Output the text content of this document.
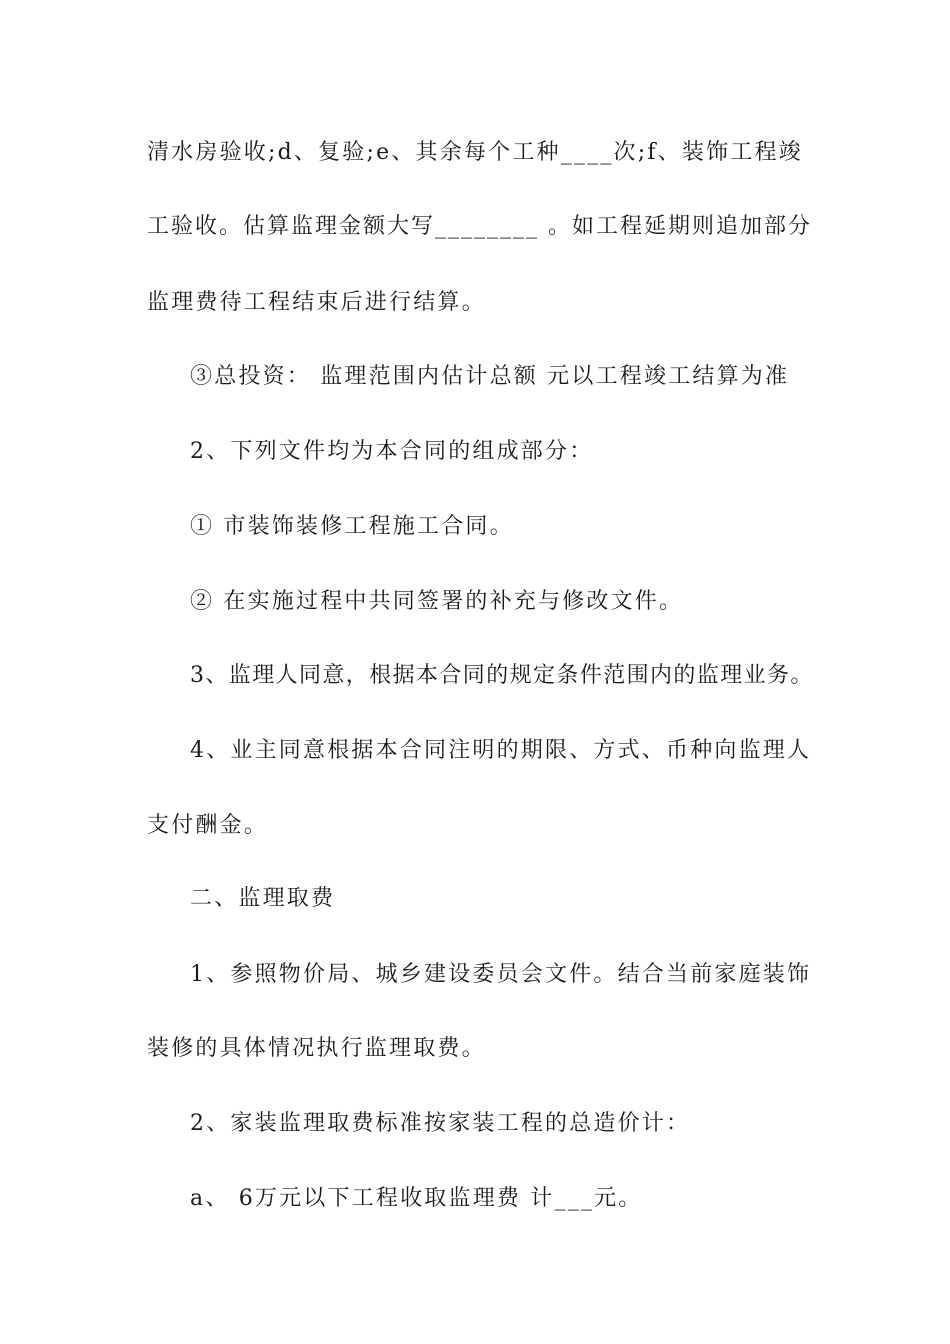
清水房验收;d、复验;e、其余每个工种____次;f、装饰工程竣
工验收。估算监理金额大写________ 。如工程延期则追加部分
监理费待工程结束后进行结算。
③总投资： 监理范围内估计总额 元以工程竣工结算为准
2、下列文件均为本合同的组成部分：
① 市装饰装修工程施工合同。
② 在实施过程中共同签署的补充与修改文件。
3、监理人同意，根据本合同的规定条件范围内的监理业务。
4、业主同意根据本合同注明的期限、方式、币种向监理人
支付酬金。
二、监理取费
1、参照物价局、城乡建设委员会文件。结合当前家庭装饰
装修的具体情况执行监理取费。
2、家装监理取费标准按家装工程的总造价计：
a、 6万元以下工程收取监理费 计___元。
